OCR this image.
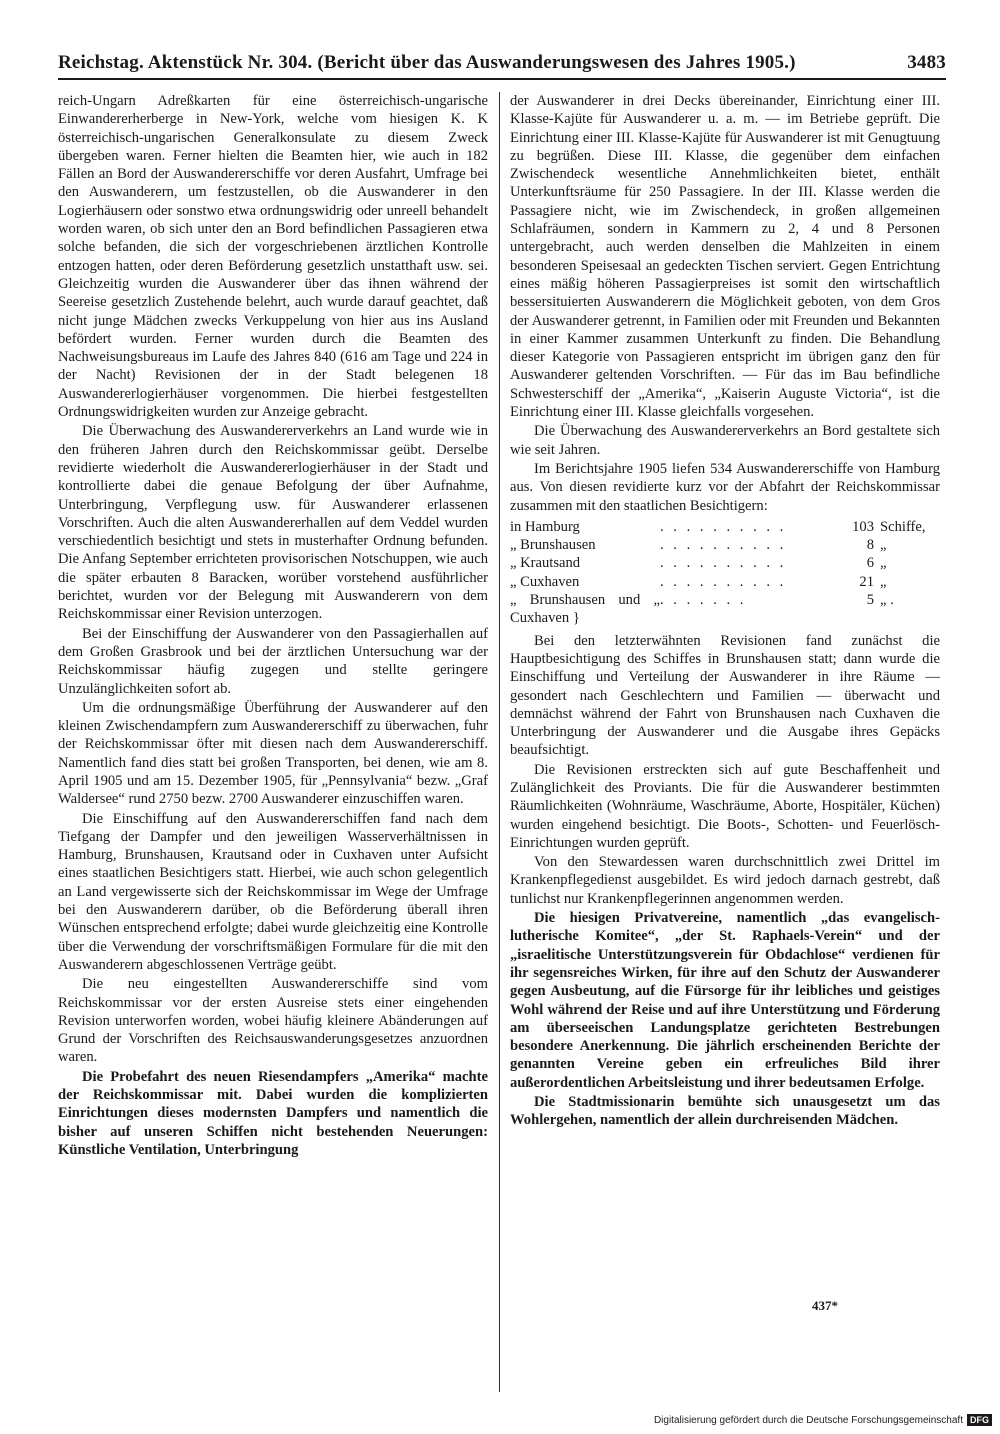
Reichstag. Aktenstück Nr. 304. (Bericht über das Auswanderungswesen des Jahres 1905.)	3483

reich-Ungarn Adreßkarten für eine österreichisch-ungarische Einwandererherberge in New-York, welche vom hiesigen K. K österreichisch-ungarischen Generalkonsulate zu diesem Zweck übergeben waren. Ferner hielten die Beamten hier, wie auch in 182 Fällen an Bord der Auswandererschiffe vor deren Ausfahrt, Umfrage bei den Auswanderern, um festzustellen, ob die Auswanderer in den Logierhäusern oder sonstwo etwa ordnungswidrig oder unreell behandelt worden waren, ob sich unter den an Bord befindlichen Passagieren etwa solche befanden, die sich der vorgeschriebenen ärztlichen Kontrolle entzogen hatten, oder deren Beförderung gesetzlich unstatthaft usw. sei. Gleichzeitig wurden die Auswanderer über das ihnen während der Seereise gesetzlich Zustehende belehrt, auch wurde darauf geachtet, daß nicht junge Mädchen zwecks Verkuppelung von hier aus ins Ausland befördert wurden. Ferner wurden durch die Beamten des Nachweisungsbureaus im Laufe des Jahres 840 (616 am Tage und 224 in der Nacht) Revisionen der in der Stadt belegenen 18 Auswandererlogierhäuser vorgenommen. Die hierbei festgestellten Ordnungswidrigkeiten wurden zur Anzeige gebracht.

Die Überwachung des Auswandererverkehrs an Land wurde wie in den früheren Jahren durch den Reichskommissar geübt. Derselbe revidierte wiederholt die Auswandererlogierhäuser in der Stadt und kontrollierte dabei die genaue Befolgung der über Aufnahme, Unterbringung, Verpflegung usw. für Auswanderer erlassenen Vorschriften. Auch die alten Auswandererhallen auf dem Veddel wurden verschiedentlich besichtigt und stets in musterhafter Ordnung befunden. Die Anfang September errichteten provisorischen Notschuppen, wie auch die später erbauten 8 Baracken, worüber vorstehend ausführlicher berichtet, wurden vor der Belegung mit Auswanderern von dem Reichskommissar einer Revision unterzogen.

Bei der Einschiffung der Auswanderer von den Passagierhallen auf dem Großen Grasbrook und bei der ärztlichen Untersuchung war der Reichskommissar häufig zugegen und stellte geringere Unzulänglichkeiten sofort ab.

Um die ordnungsmäßige Überführung der Auswanderer auf den kleinen Zwischendampfern zum Auswandererschiff zu überwachen, fuhr der Reichskommissar öfter mit diesen nach dem Auswandererschiff. Namentlich fand dies statt bei großen Transporten, bei denen, wie am 8. April 1905 und am 15. Dezember 1905, für „Pennsylvania“ bezw. „Graf Waldersee“ rund 2750 bezw. 2700 Auswanderer einzuschiffen waren.

Die Einschiffung auf den Auswandererschiffen fand nach dem Tiefgang der Dampfer und den jeweiligen Wasserverhältnissen in Hamburg, Brunshausen, Krautsand oder in Cuxhaven unter Aufsicht eines staatlichen Besichtigers statt. Hierbei, wie auch schon gelegentlich an Land vergewisserte sich der Reichskommissar im Wege der Umfrage bei den Auswanderern darüber, ob die Beförderung überall ihren Wünschen entsprechend erfolgte; dabei wurde gleichzeitig eine Kontrolle über die Verwendung der vorschriftsmäßigen Formulare für die mit den Auswanderern abgeschlossenen Verträge geübt.

Die neu eingestellten Auswandererschiffe sind vom Reichskommissar vor der ersten Ausreise stets einer eingehenden Revision unterworfen worden, wobei häufig kleinere Abänderungen auf Grund der Vorschriften des Reichsauswanderungsgesetzes anzuordnen waren.

Die Probefahrt des neuen Riesendampfers „Amerika“ machte der Reichskommissar mit. Dabei wurden die komplizierten Einrichtungen dieses modernsten Dampfers und namentlich die bisher auf unseren Schiffen nicht bestehenden Neuerungen: Künstliche Ventilation, Unterbringung

der Auswanderer in drei Decks übereinander, Einrichtung einer III. Klasse-Kajüte für Auswanderer u. a. m. — im Betriebe geprüft. Die Einrichtung einer III. Klasse-Kajüte für Auswanderer ist mit Genugtuung zu begrüßen. Diese III. Klasse, die gegenüber dem einfachen Zwischendeck wesentliche Annehmlichkeiten bietet, enthält Unterkunftsräume für 250 Passagiere. In der III. Klasse werden die Passagiere nicht, wie im Zwischendeck, in großen allgemeinen Schlafräumen, sondern in Kammern zu 2, 4 und 8 Personen untergebracht, auch werden denselben die Mahlzeiten in einem besonderen Speisesaal an gedeckten Tischen serviert. Gegen Entrichtung eines mäßig höheren Passagierpreises ist somit den wirtschaftlich bessersituierten Auswanderern die Möglichkeit geboten, von dem Gros der Auswanderer getrennt, in Familien oder mit Freunden und Bekannten in einer Kammer zusammen Unterkunft zu finden. Die Behandlung dieser Kategorie von Passagieren entspricht im übrigen ganz den für Auswanderer geltenden Vorschriften. — Für das im Bau befindliche Schwesterschiff der „Amerika“, „Kaiserin Auguste Victoria“, ist die Einrichtung einer III. Klasse gleichfalls vorgesehen.

Die Überwachung des Auswandererverkehrs an Bord gestaltete sich wie seit Jahren.

Im Berichtsjahre 1905 liefen 534 Auswandererschiffe von Hamburg aus. Von diesen revidierte kurz vor der Abfahrt der Reichskommissar zusammen mit den staatlichen Besichtigern:

in Hamburg	. . . . . . . . . .	103	Schiffe,
„ Brunshausen	. . . . . . . . . .	8	„
„ Krautsand	. . . . . . . . . .	6	„
„ Cuxhaven	. . . . . . . . . .	21	„
„ Brunshausen und „ Cuxhaven }	. . . . . . .	5	„ .

Bei den letzterwähnten Revisionen fand zunächst die Hauptbesichtigung des Schiffes in Brunshausen statt; dann wurde die Einschiffung und Verteilung der Auswanderer in ihre Räume — gesondert nach Geschlechtern und Familien — überwacht und demnächst während der Fahrt von Brunshausen nach Cuxhaven die Unterbringung der Auswanderer und die Ausgabe ihres Gepäcks beaufsichtigt.

Die Revisionen erstreckten sich auf gute Beschaffenheit und Zulänglichkeit des Proviants. Die für die Auswanderer bestimmten Räumlichkeiten (Wohnräume, Waschräume, Aborte, Hospitäler, Küchen) wurden eingehend besichtigt. Die Boots-, Schotten- und Feuerlösch-Einrichtungen wurden geprüft.

Von den Stewardessen waren durchschnittlich zwei Drittel im Krankenpflegedienst ausgebildet. Es wird jedoch darnach gestrebt, daß tunlichst nur Krankenpflegerinnen angenommen werden.

Die hiesigen Privatvereine, namentlich „das evangelisch-lutherische Komitee“, „der St. Raphaels-Verein“ und der „israelitische Unterstützungsverein für Obdachlose“ verdienen für ihr segensreiches Wirken, für ihre auf den Schutz der Auswanderer gegen Ausbeutung, auf die Fürsorge für ihr leibliches und geistiges Wohl während der Reise und auf ihre Unterstützung und Förderung am überseeischen Landungsplatze gerichteten Bestrebungen besondere Anerkennung. Die jährlich erscheinenden Berichte der genannten Vereine geben ein erfreuliches Bild ihrer außerordentlichen Arbeitsleistung und ihrer bedeutsamen Erfolge.

Die Stadtmissionarin bemühte sich unausgesetzt um das Wohlergehen, namentlich der allein durchreisenden Mädchen.

437*
Digitalisierung gefördert durch die Deutsche Forschungsgemeinschaft DFG
